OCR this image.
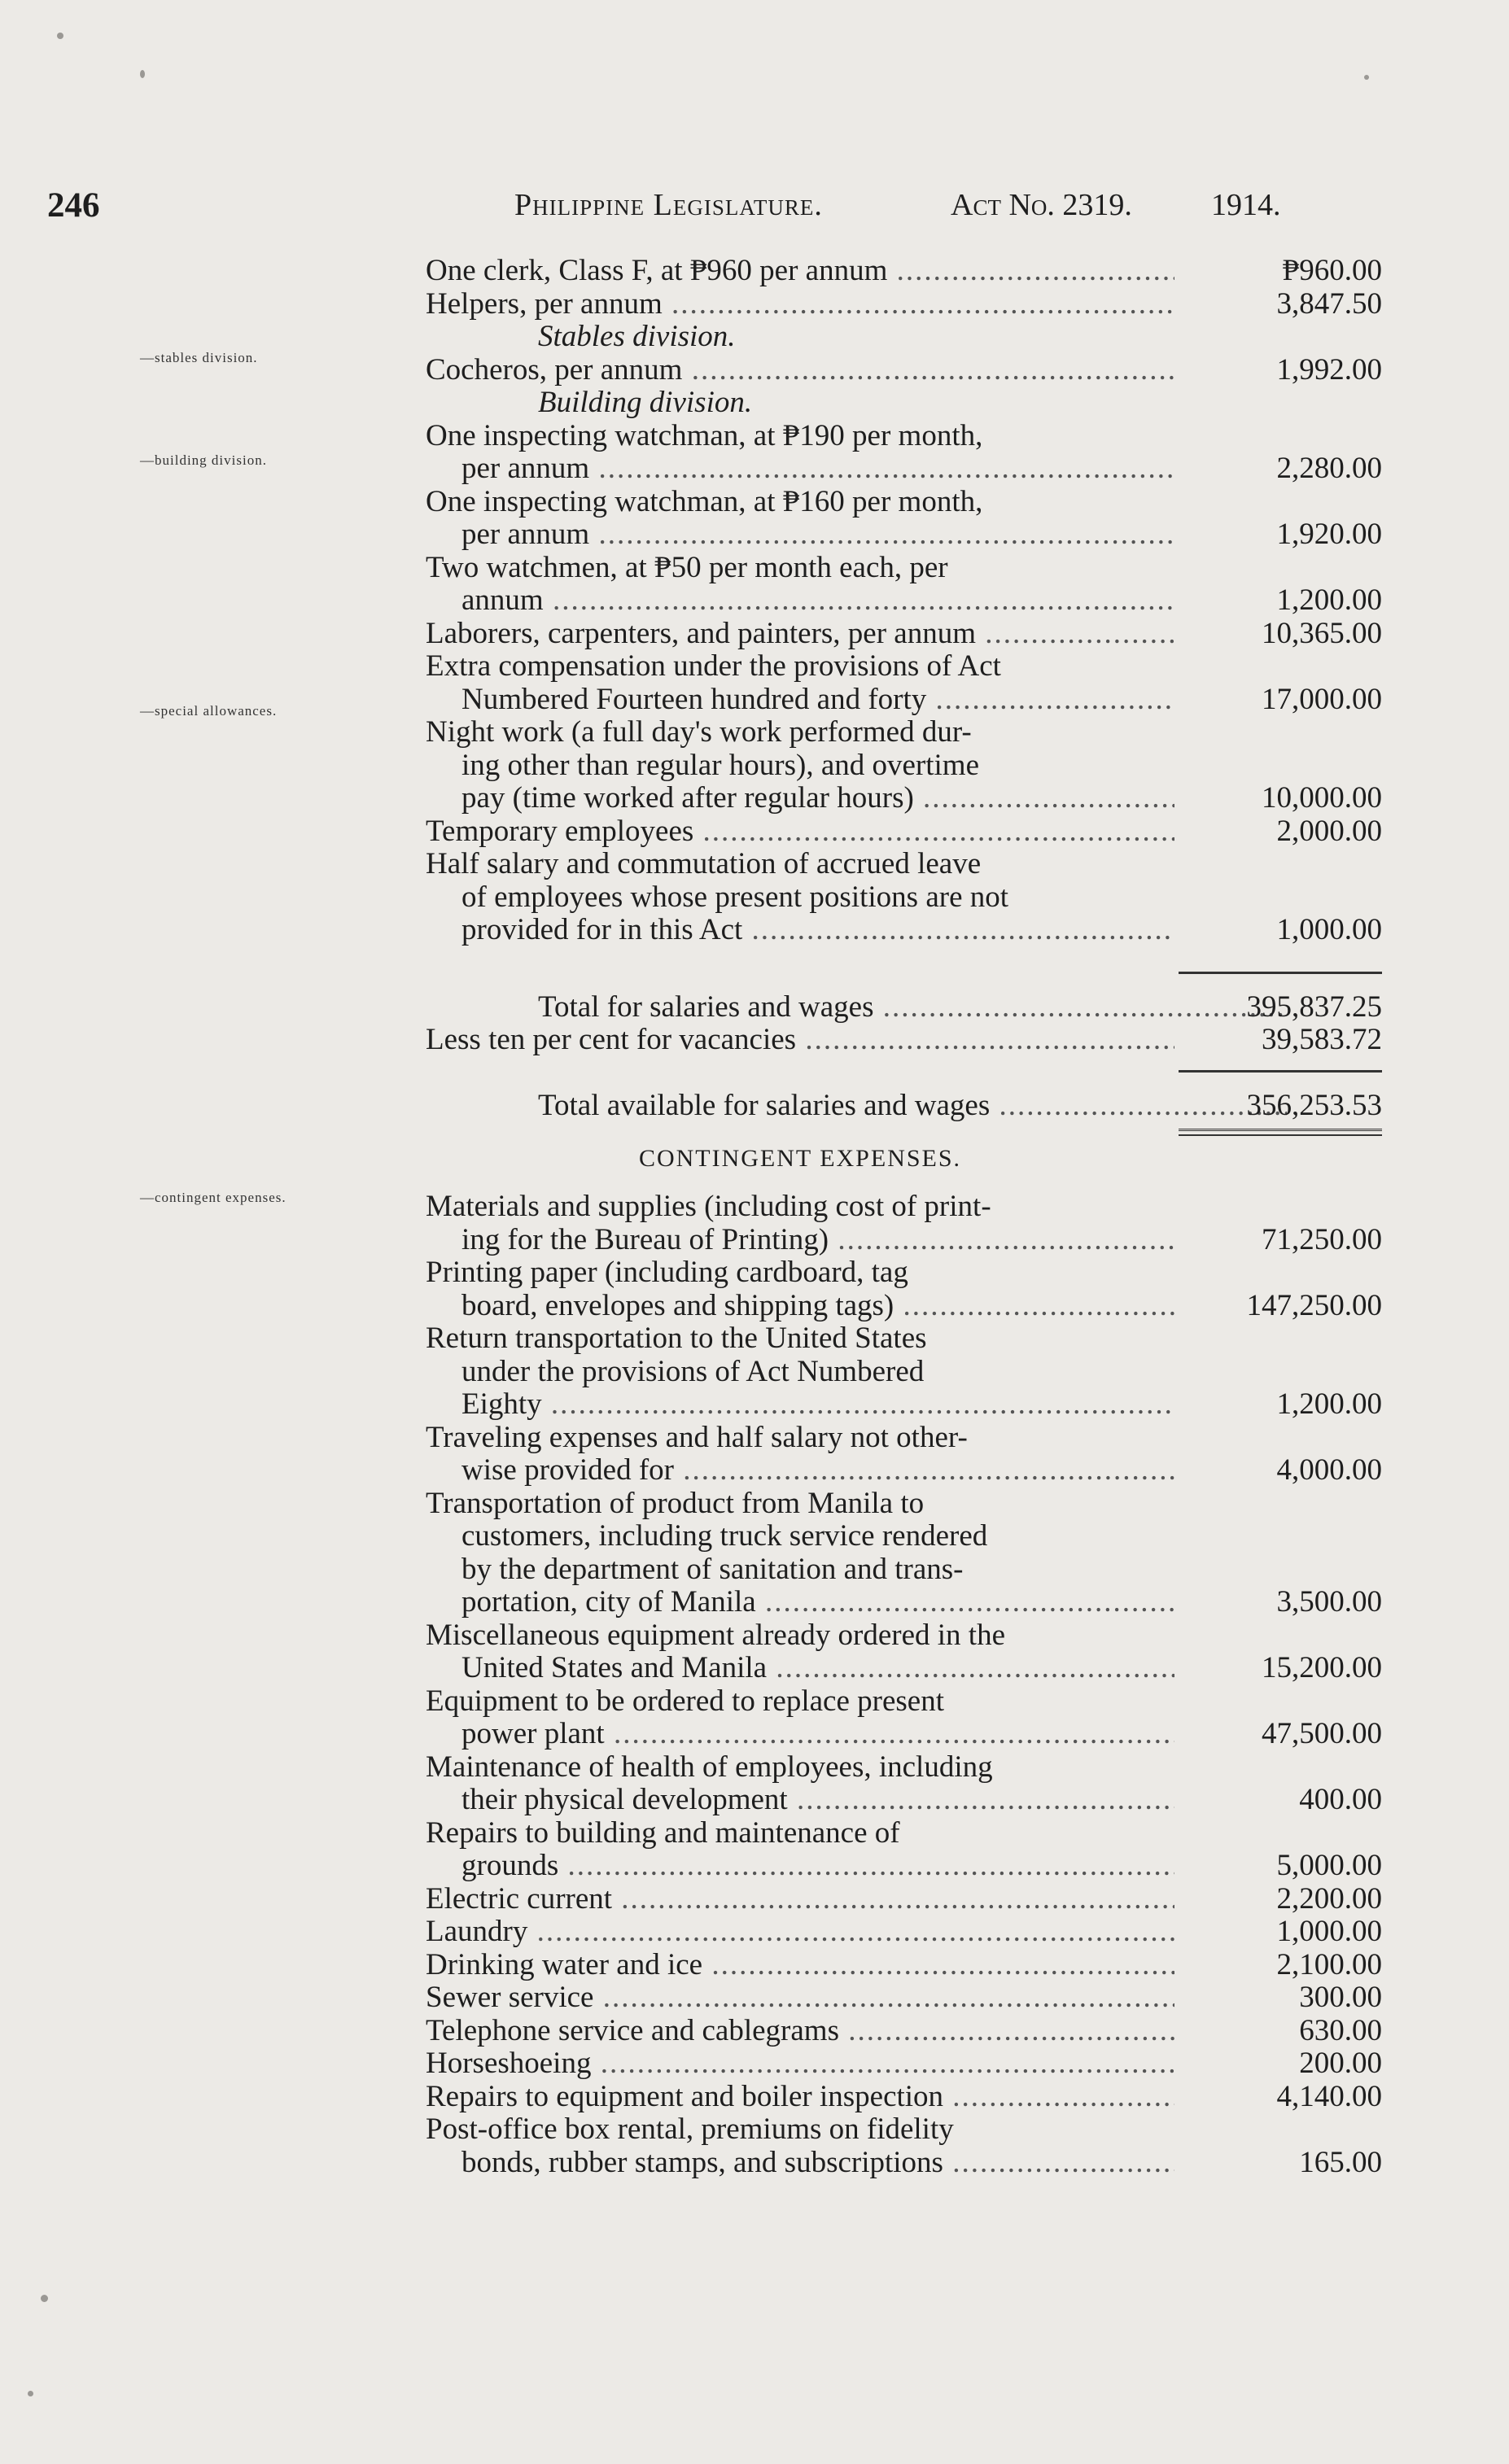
246	Philippine Legislature.	Act No. 2319.	1914.
—stables division.
—building division.
—special allowances.
—contingent expenses.
One clerk, Class F, at ₱960 per annum .....	₱960.00
Helpers, per annum .....	3,847.50
Stables division.
Cocheros, per annum .....	1,992.00
Building division.
One inspecting watchman, at ₱190 per month,
per annum .....	2,280.00
One inspecting watchman, at ₱160 per month,
per annum .....	1,920.00
Two watchmen, at ₱50 per month each, per
annum .....	1,200.00
Laborers, carpenters, and painters, per annum .....	10,365.00
Extra compensation under the provisions of Act
Numbered Fourteen hundred and forty .....	17,000.00
Night work (a full day's work performed dur-
ing other than regular hours), and overtime
pay (time worked after regular hours) .....	10,000.00
Temporary employees .....	2,000.00
Half salary and commutation of accrued leave
of employees whose present positions are not
provided for in this Act .....	1,000.00
Total for salaries and wages .....	395,837.25
Less ten per cent for vacancies .....	39,583.72
Total available for salaries and wages .....	356,253.53
CONTINGENT EXPENSES.
Materials and supplies (including cost of print-
ing for the Bureau of Printing) .....	71,250.00
Printing paper (including cardboard, tag
board, envelopes and shipping tags) .....	147,250.00
Return transportation to the United States
under the provisions of Act Numbered
Eighty .....	1,200.00
Traveling expenses and half salary not other-
wise provided for .....	4,000.00
Transportation of product from Manila to
customers, including truck service rendered
by the department of sanitation and trans-
portation, city of Manila .....	3,500.00
Miscellaneous equipment already ordered in the
United States and Manila .....	15,200.00
Equipment to be ordered to replace present
power plant .....	47,500.00
Maintenance of health of employees, including
their physical development .....	400.00
Repairs to building and maintenance of
grounds .....	5,000.00
Electric current .....	2,200.00
Laundry .....	1,000.00
Drinking water and ice .....	2,100.00
Sewer service .....	300.00
Telephone service and cablegrams .....	630.00
Horseshoeing .....	200.00
Repairs to equipment and boiler inspection .....	4,140.00
Post-office box rental, premiums on fidelity
bonds, rubber stamps, and subscriptions .....	165.00
